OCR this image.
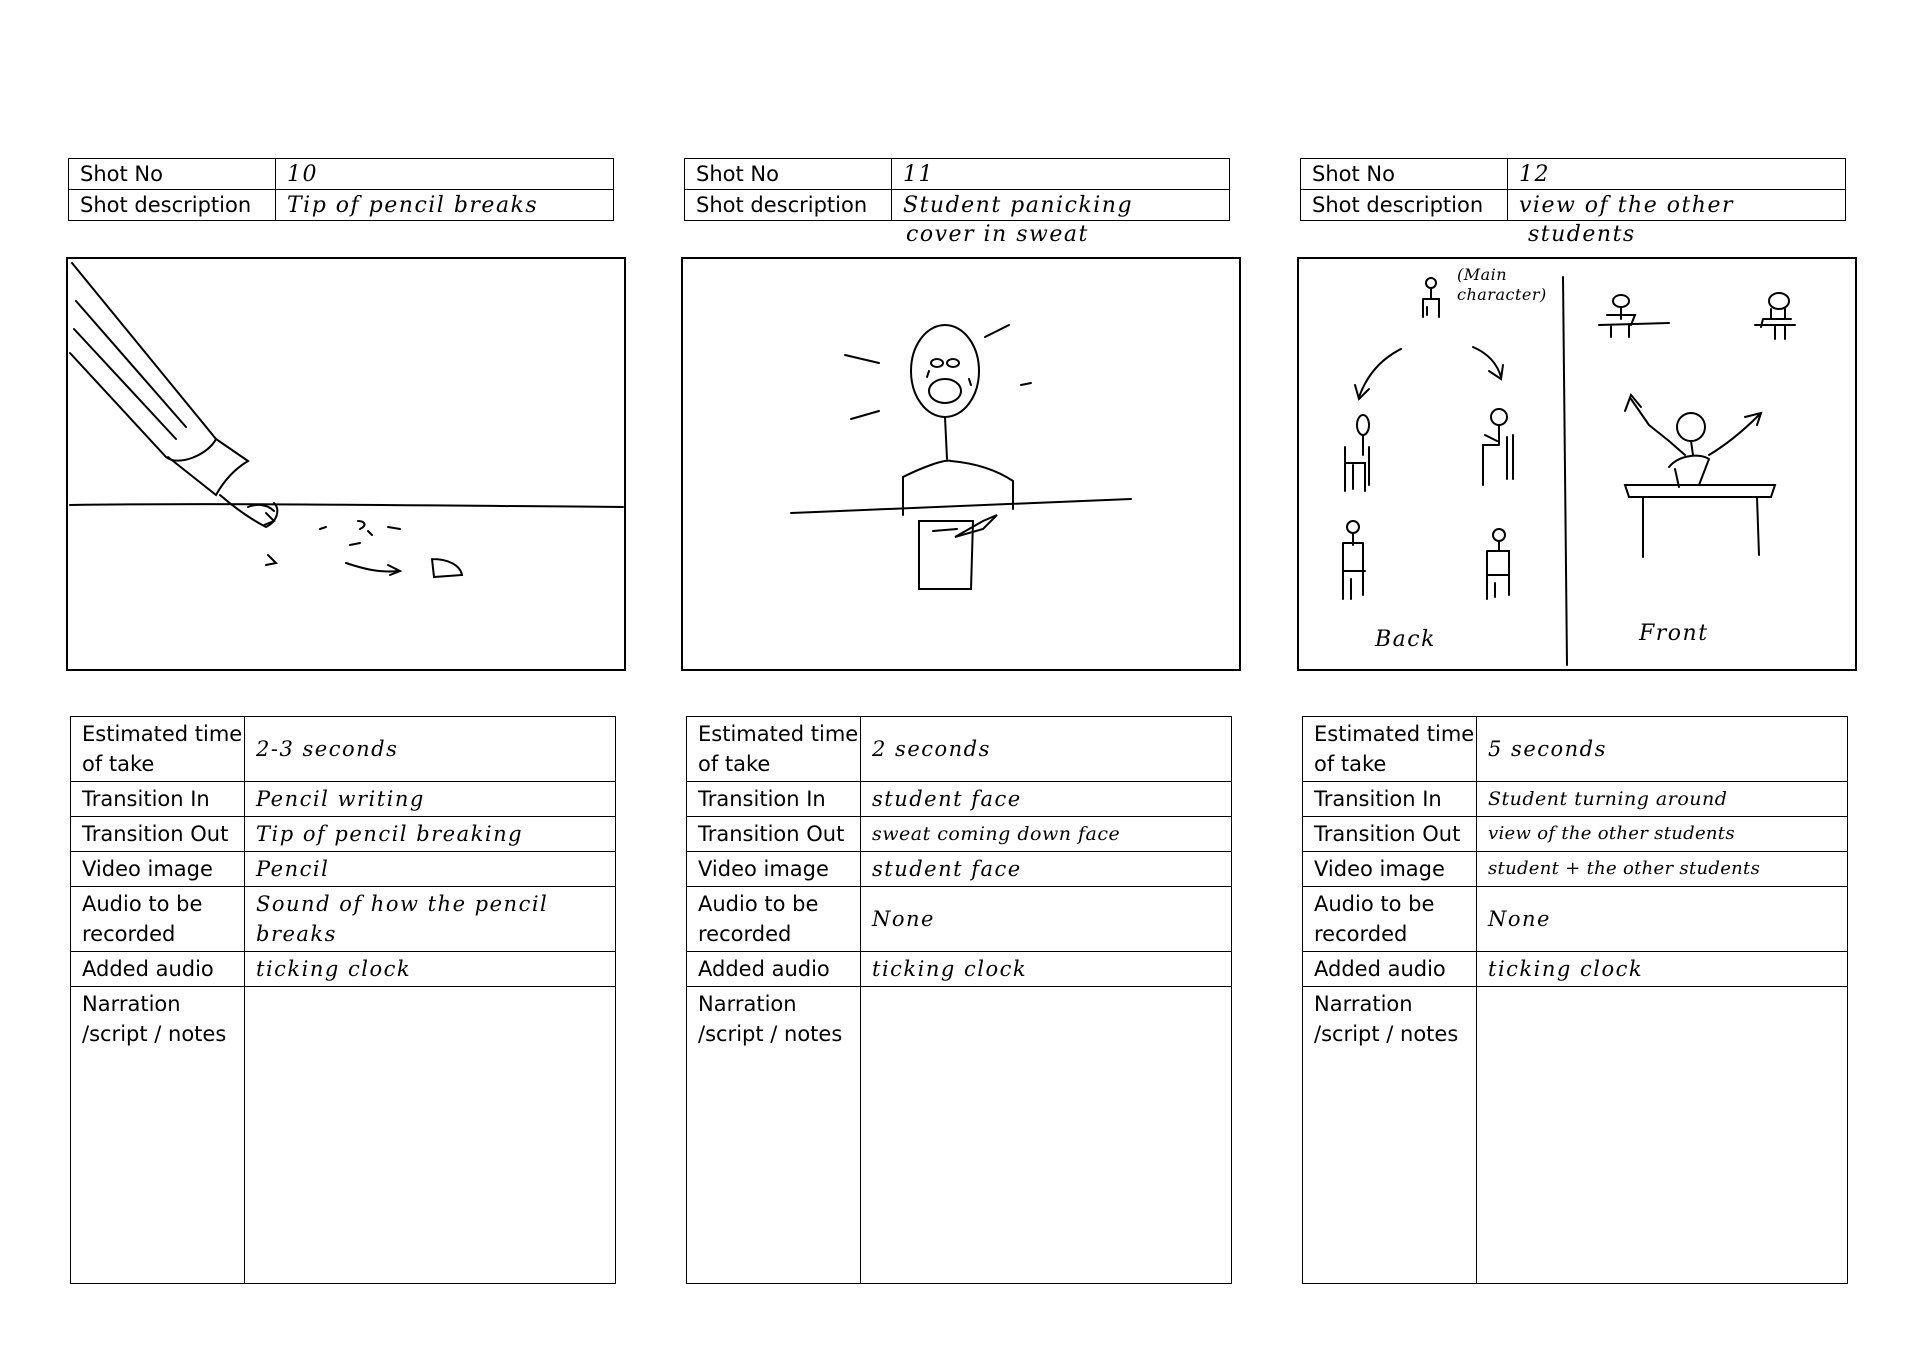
Shot No	10
Shot description	Tip of pencil breaks
Estimated time of take	2-3 seconds
Transition In	Pencil writing
Transition Out	Tip of pencil breaking
Video image	Pencil
Audio to be recorded	Sound of how the pencil breaks
Added audio	ticking clock
Narration /script / notes	
Shot No	11
Shot description	Student panicking
cover in sweat
Estimated time of take	2 seconds
Transition In	student face
Transition Out	sweat coming down face
Video image	student face
Audio to be recorded	None
Added audio	ticking clock
Narration /script / notes	
Shot No	12
Shot description	view of the other
students
(Main character)
Back	Front
Estimated time of take	5 seconds
Transition In	Student turning around
Transition Out	view of the other students
Video image	student + the other students
Audio to be recorded	None
Added audio	ticking clock
Narration /script / notes	
